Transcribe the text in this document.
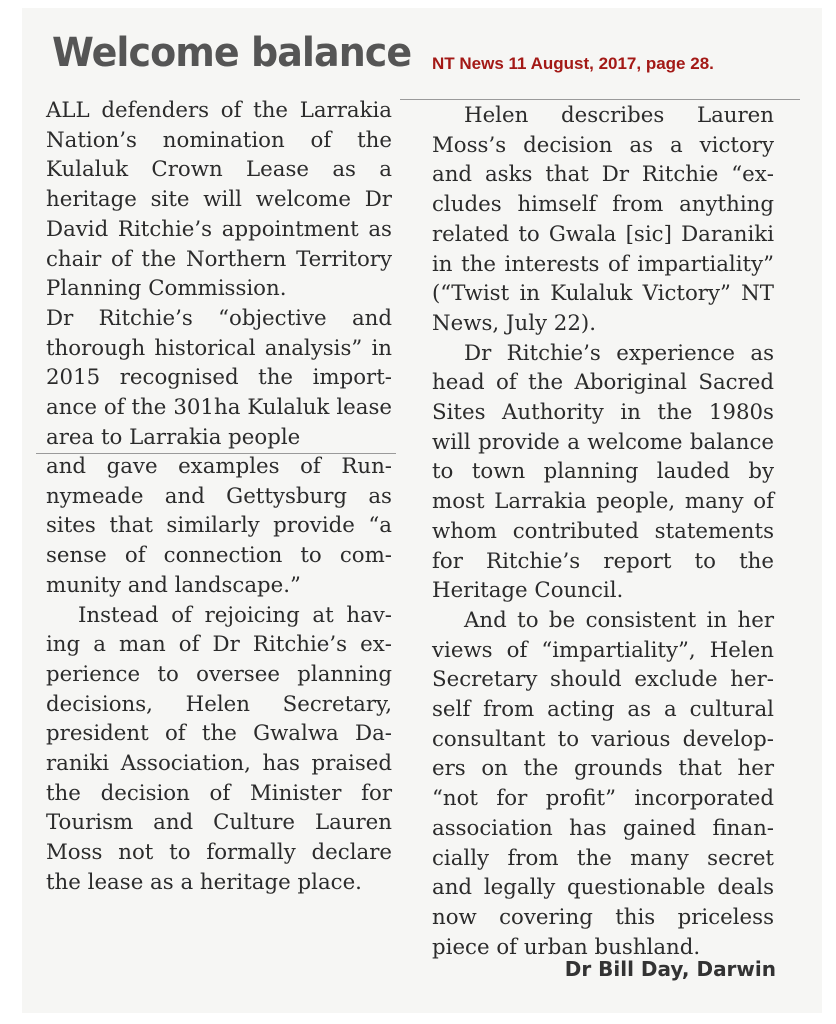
Welcome balance NT News 11 August, 2017, page 28.

ALL defenders of the Larrakia Nation’s nomination of the Kulaluk Crown Lease as a heritage site will welcome Dr David Ritchie’s appointment as chair of the Northern Territory Planning Commission.

Dr Ritchie’s “objective and thorough historical analysis” in 2015 recognised the importance of the 301ha Kulaluk lease area to Larrakia people

and gave examples of Runnymeade and Gettysburg as sites that similarly provide “a sense of connection to community and landscape.”

Instead of rejoicing at having a man of Dr Ritchie’s experience to oversee planning decisions, Helen Secretary, president of the Gwalwa Daraniki Association, has praised the decision of Minister for Tourism and Culture Lauren Moss not to formally declare the lease as a heritage place.

Helen describes Lauren Moss’s decision as a victory and asks that Dr Ritchie “excludes himself from anything related to Gwala [sic] Daraniki in the interests of impartiality” (“Twist in Kulaluk Victory” NT News, July 22).

Dr Ritchie’s experience as head of the Aboriginal Sacred Sites Authority in the 1980s will provide a welcome balance to town planning lauded by most Larrakia people, many of whom contributed statements for Ritchie’s report to the Heritage Council.

And to be consistent in her views of “impartiality”, Helen Secretary should exclude herself from acting as a cultural consultant to various developers on the grounds that her “not for profit” incorporated association has gained financially from the many secret and legally questionable deals now covering this priceless piece of urban bushland.

Dr Bill Day, Darwin
